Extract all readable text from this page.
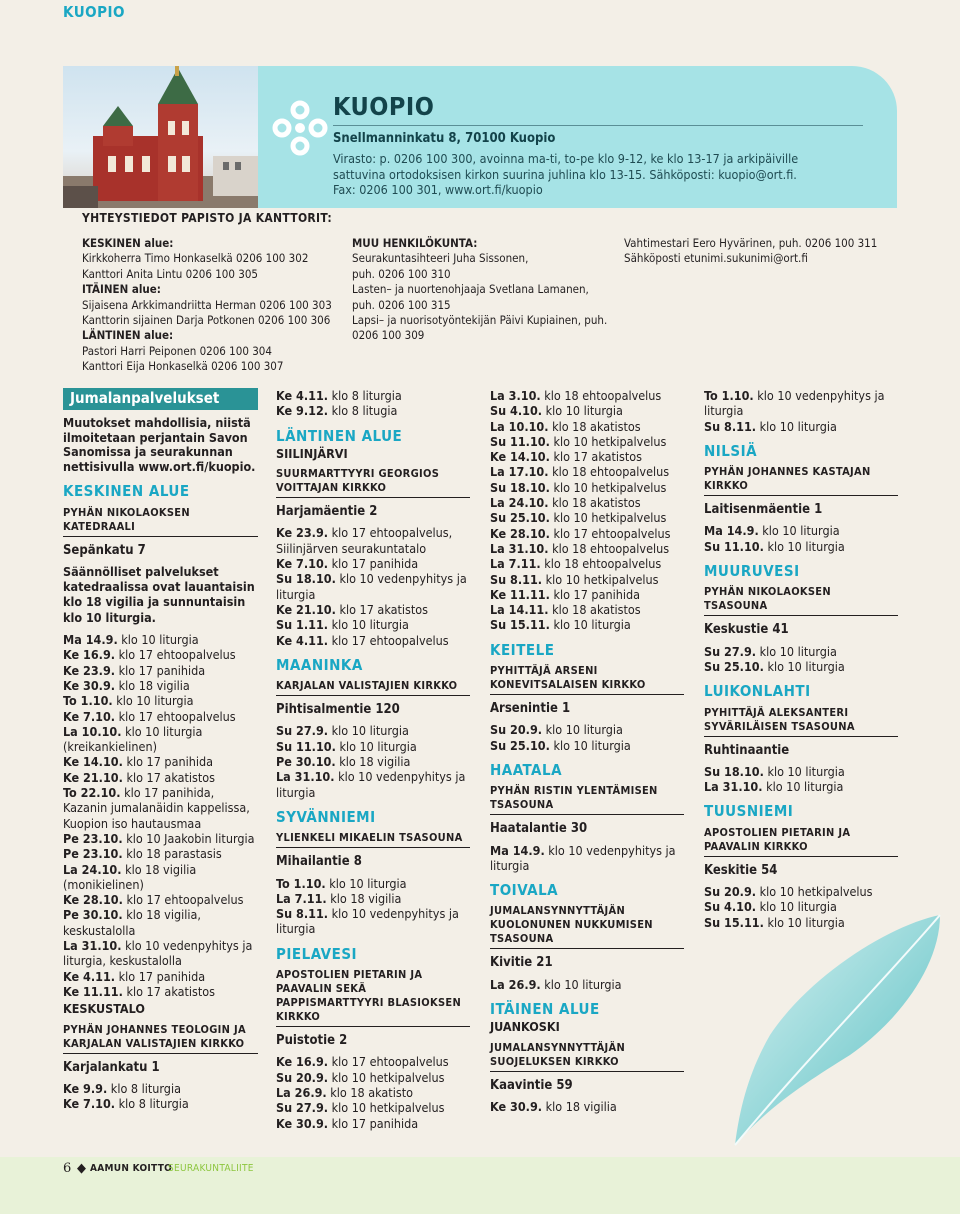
KUOPIO
KUOPIO
Snellmanninkatu 8, 70100 Kuopio
Virasto: p. 0206 100 300, avoinna ma-ti, to-pe klo 9-12, ke klo 13-17 ja arkipäiville
sattuvina ortodoksisen kirkon suurina juhlina klo 13-15. Sähköposti: kuopio@ort.fi.
Fax: 0206 100 301, www.ort.fi/kuopio
YHTEYSTIEDOT PAPISTO JA KANTTORIT:
KESKINEN alue:
Kirkkoherra Timo Honkaselkä 0206 100 302
Kanttori Anita Lintu 0206 100 305
ITÄINEN alue:
Sijaisena Arkkimandriitta Herman 0206 100 303
Kanttorin sijainen Darja Potkonen 0206 100 306
LÄNTINEN alue:
Pastori Harri Peiponen 0206 100 304
Kanttori Eija Honkaselkä 0206 100 307
MUU HENKILÖKUNTA:
Seurakuntasihteeri Juha Sissonen,
puh. 0206 100 310
Lasten– ja nuortenohjaaja Svetlana Lamanen,
puh. 0206 100 315
Lapsi– ja nuorisotyöntekijän Päivi Kupiainen, puh.
0206 100 309
Vahtimestari Eero Hyvärinen, puh. 0206 100 311
Sähköposti etunimi.sukunimi@ort.fi
Jumalanpalvelukset
Muutokset mahdollisia, niistä ilmoitetaan perjantain Savon Sanomissa ja seurakunnan nettisivulla www.ort.fi/kuopio.
KESKINEN ALUE
PYHÄN NIKOLAOKSEN KATEDRAALI
Sepänkatu 7
Säännölliset palvelukset katedraalissa ovat lauantaisin klo 18 vigilia ja sunnuntaisin klo 10 liturgia.
Ma 14.9. klo 10 liturgia
Ke 16.9. klo 17 ehtoopalvelus
Ke 23.9. klo 17 panihida
Ke 30.9. klo 18 vigilia
To 1.10. klo 10 liturgia
Ke 7.10. klo 17 ehtoopalvelus
La 10.10. klo 10 liturgia (kreikankielinen)
Ke 14.10. klo 17 panihida
Ke 21.10. klo 17 akatistos
To 22.10. klo 17 panihida, Kazanin jumalanäidin kappelissa, Kuopion iso hautausmaa
Pe 23.10. klo 10 Jaakobin liturgia
Pe 23.10. klo 18 parastasis
La 24.10. klo 18 vigilia (monikielinen)
Ke 28.10. klo 17 ehtoopalvelus
Pe 30.10. klo 18 vigilia, keskustalolla
La 31.10. klo 10 vedenpyhitys ja liturgia, keskustalolla
Ke 4.11. klo 17 panihida
Ke 11.11. klo 17 akatistos
KESKUSTALO
PYHÄN JOHANNES TEOLOGIN JA KARJALAN VALISTAJIEN KIRKKO
Karjalankatu 1
Ke 9.9. klo 8 liturgia
Ke 7.10. klo 8 liturgia
Ke 4.11. klo 8 liturgia
Ke 9.12. klo 8 litugia
LÄNTINEN ALUE
SIILINJÄRVI
SUURMARTTYYRI GEORGIOS VOITTAJAN KIRKKO
Harjamäentie 2
Ke 23.9. klo 17 ehtoopalvelus, Siilinjärven seurakuntatalo
Ke 7.10. klo 17 panihida
Su 18.10. klo 10 vedenpyhitys ja liturgia
Ke 21.10. klo 17 akatistos
Su 1.11. klo 10 liturgia
Ke 4.11. klo 17 ehtoopalvelus
MAANINKA
KARJALAN VALISTAJIEN KIRKKO
Pihtisalmentie 120
Su 27.9. klo 10 liturgia
Su 11.10. klo 10 liturgia
Pe 30.10. klo 18 vigilia
La 31.10. klo 10 vedenpyhitys ja liturgia
SYVÄNNIEMI
YLIENKELI MIKAELIN TSASOUNA
Mihailantie 8
To 1.10. klo 10 liturgia
La 7.11. klo 18 vigilia
Su 8.11. klo 10 vedenpyhitys ja liturgia
PIELAVESI
APOSTOLIEN PIETARIN JA PAAVALIN SEKÄ PAPPISMARTTYYRI BLASIOKSEN KIRKKO
Puistotie 2
Ke 16.9. klo 17 ehtoopalvelus
Su 20.9. klo 10 hetkipalvelus
La 26.9. klo 18 akatisto
Su 27.9. klo 10 hetkipalvelus
Ke 30.9. klo 17 panihida
La 3.10. klo 18 ehtoopalvelus
Su 4.10. klo 10 liturgia
La 10.10. klo 18 akatistos
Su 11.10. klo 10 hetkipalvelus
Ke 14.10. klo 17 akatistos
La 17.10. klo 18 ehtoopalvelus
Su 18.10. klo 10 hetkipalvelus
La 24.10. klo 18 akatistos
Su 25.10. klo 10 hetkipalvelus
Ke 28.10. klo 17 ehtoopalvelus
La 31.10. klo 18 ehtoopalvelus
La 7.11. klo 18 ehtoopalvelus
Su 8.11. klo 10 hetkipalvelus
Ke 11.11. klo 17 panihida
La 14.11. klo 18 akatistos
Su 15.11. klo 10 liturgia
KEITELE
PYHITTÄJÄ ARSENI KONEVITSALAISEN KIRKKO
Arsenintie 1
Su 20.9. klo 10 liturgia
Su 25.10. klo 10 liturgia
HAATALA
PYHÄN RISTIN YLENTÄMISEN TSASOUNA
Haatalantie 30
Ma 14.9. klo 10 vedenpyhitys ja liturgia
TOIVALA
JUMALANSYNNYTTÄJÄN KUOLONUNEN NUKKUMISEN TSASOUNA
Kivitie 21
La 26.9. klo 10 liturgia
ITÄINEN ALUE
JUANKOSKI
JUMALANSYNNYTTÄJÄN SUOJELUKSEN KIRKKO
Kaavintie 59
Ke 30.9. klo 18 vigilia
To 1.10. klo 10 vedenpyhitys ja liturgia
Su 8.11. klo 10 liturgia
NILSIÄ
PYHÄN JOHANNES KASTAJAN KIRKKO
Laitisenmäentie 1
Ma 14.9. klo 10 liturgia
Su 11.10. klo 10 liturgia
MUURUVESI
PYHÄN NIKOLAOKSEN TSASOUNA
Keskustie 41
Su 27.9. klo 10 liturgia
Su 25.10. klo 10 liturgia
LUIKONLAHTI
PYHITTÄJÄ ALEKSANTERI SYVÄRILÄISEN TSASOUNA
Ruhtinaantie
Su 18.10. klo 10 liturgia
La 31.10. klo 10 liturgia
TUUSNIEMI
APOSTOLIEN PIETARIN JA PAAVALIN KIRKKO
Keskitie 54
Su 20.9. klo 10 hetkipalvelus
Su 4.10. klo 10 liturgia
Su 15.11. klo 10 liturgia
6 ◆ AAMUN KOITTO
SEURAKUNTALIITE
